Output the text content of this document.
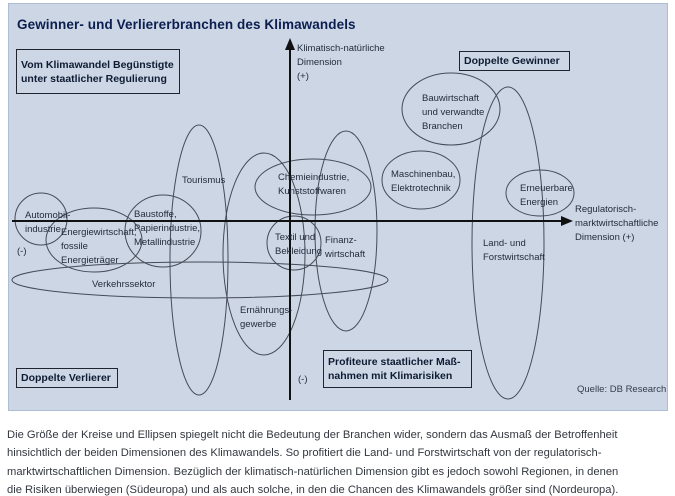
Gewinner- und Verliererbranchen des Klimawandels
Klimatisch-natürliche Dimension (+)
Regulatorisch-marktwirtschaftliche Dimension (+)
(-)
(-)
Automobil-industrie Energiewirtschaft, fossile Energieträger
Baustoffe, Papierindustrie, Metallindustrie
Tourismus
Verkehrssektor
Ernährungs-gewerbe
Chemieindustrie, Kunststoffwaren
Textil und Bekleidung
Finanz-wirtschaft
Maschinenbau, Elektrotechnik
Bauwirtschaft und verwandte Branchen
Land- und Forstwirtschaft
Erneuerbare Energien
Vom Klimawandel Begünstigte
unter staatlicher Regulierung
Doppelte Gewinner
Doppelte Verlierer
Profiteure staatlicher Maß-
nahmen mit Klimarisiken
Quelle: DB Research
Die Größe der Kreise und Ellipsen spiegelt nicht die Bedeutung der Branchen wider, sondern das Ausmaß der Betroffenheit
hinsichtlich der beiden Dimensionen des Klimawandels. So profitiert die Land- und Forstwirtschaft von der regulatorisch-
marktwirtschaftlichen Dimension. Bezüglich der klimatisch-natürlichen Dimension gibt es jedoch sowohl Regionen, in denen
die Risiken überwiegen (Südeuropa) und als auch solche, in den die Chancen des Klimawandels größer sind (Nordeuropa).
